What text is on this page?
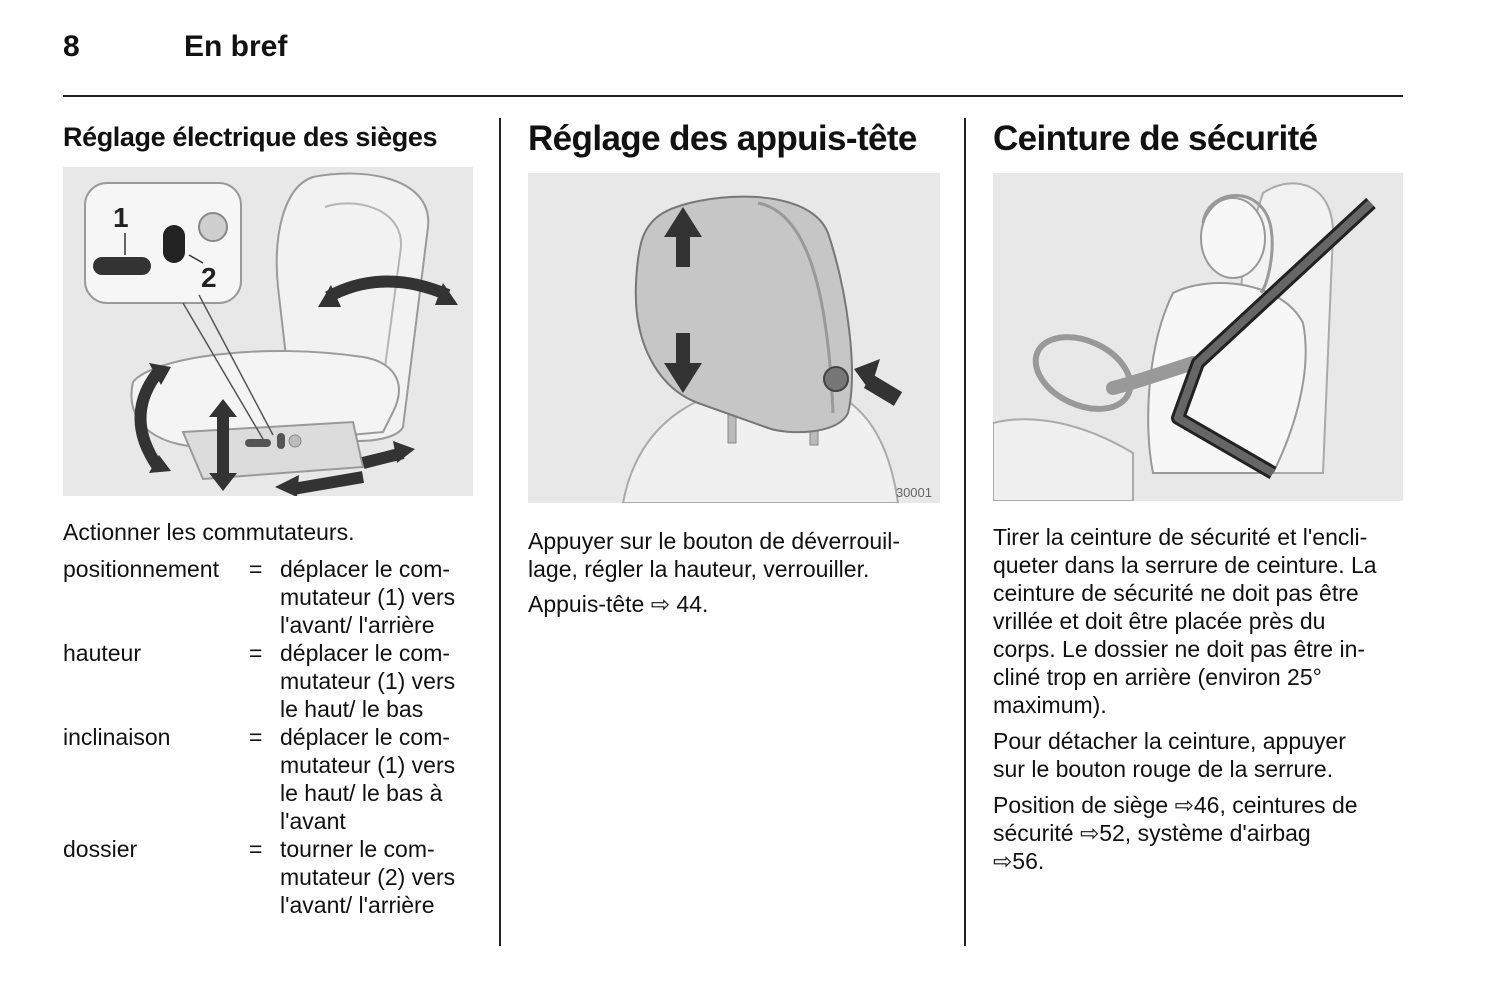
8	En bref
Réglage électrique des sièges
1
2

Actionner les commutateurs.

positionnement = déplacer le com-
mutateur (1) vers
l'avant/ l'arrière
hauteur	= déplacer le com-
mutateur (1) vers
le haut/ le bas
inclinaison	= déplacer le com-
mutateur (1) vers
le haut/ le bas à
l'avant
dossier	= tourner le com-
mutateur (2) vers
l'avant/ l'arrière
Réglage des appuis-tête
30001

Appuyer sur le bouton de déverrouil-

lage, régler la hauteur, verrouiller.

Appuis-tête ⇨ 44.

Ceinture de sécurité

Tirer la ceinture de sécurité et l'encli-

queter dans la serrure de ceinture. La

ceinture de sécurité ne doit pas être

vrillée et doit être placée près du

corps. Le dossier ne doit pas être in-

cliné trop en arrière (environ 25°

maximum).

Pour détacher la ceinture, appuyer

sur le bouton rouge de la serrure.

Position de siège ⇨46, ceintures de

sécurité ⇨52, système d'airbag

⇨56.
